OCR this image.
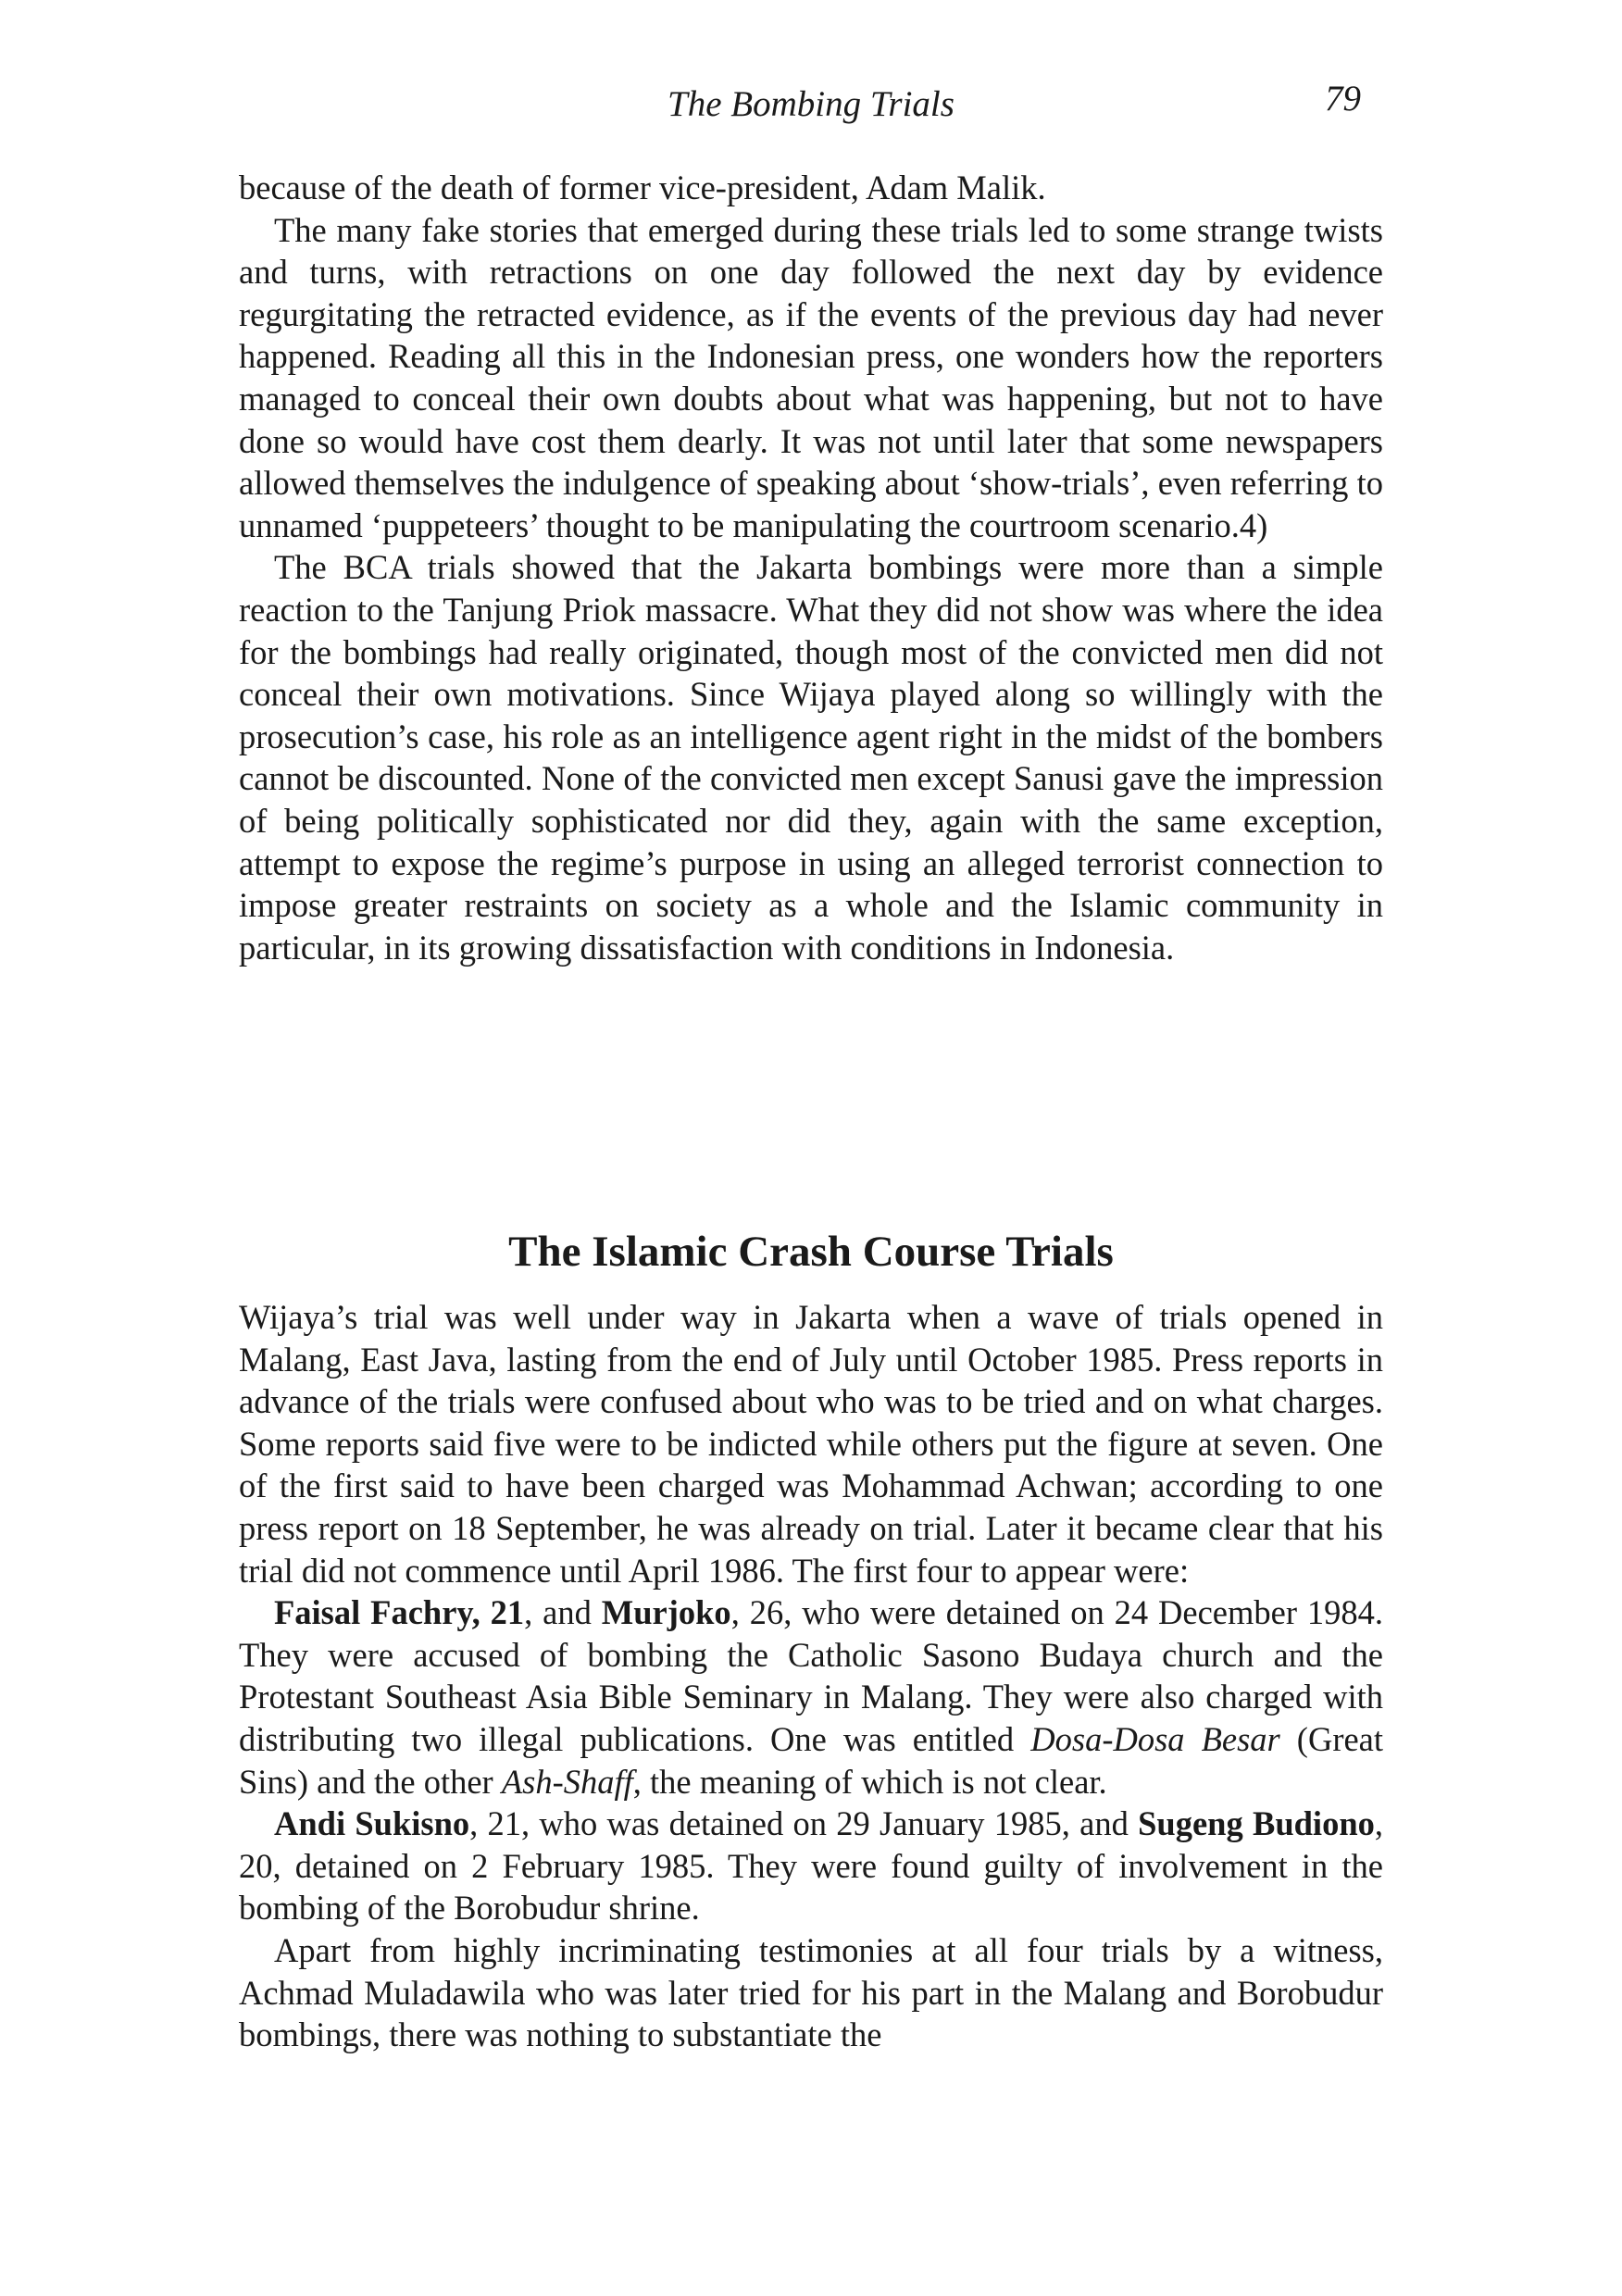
The Bombing Trials	79

because of the death of former vice-president, Adam Malik.

The many fake stories that emerged during these trials led to some strange twists and turns, with retractions on one day followed the next day by evidence regurgitating the retracted evidence, as if the events of the previous day had never happened. Reading all this in the Indonesian press, one wonders how the reporters managed to conceal their own doubts about what was happening, but not to have done so would have cost them dearly. It was not until later that some newspapers allowed themselves the indulgence of speaking about ‘show-trials’, even referring to unnamed ‘puppeteers’ thought to be manipulating the courtroom scenario.4)

The BCA trials showed that the Jakarta bombings were more than a simple reaction to the Tanjung Priok massacre. What they did not show was where the idea for the bombings had really originated, though most of the convicted men did not conceal their own motivations. Since Wijaya played along so willingly with the prosecution’s case, his role as an intelligence agent right in the midst of the bombers cannot be discounted. None of the convicted men except Sanusi gave the impression of being politically sophisticated nor did they, again with the same exception, attempt to expose the regime’s purpose in using an alleged terrorist connection to impose greater restraints on society as a whole and the Islamic community in particular, in its growing dissatisfaction with conditions in Indonesia.

The Islamic Crash Course Trials

Wijaya’s trial was well under way in Jakarta when a wave of trials opened in Malang, East Java, lasting from the end of July until October 1985. Press reports in advance of the trials were confused about who was to be tried and on what charges. Some reports said five were to be indicted while others put the figure at seven. One of the first said to have been charged was Mohammad Achwan; according to one press report on 18 September, he was already on trial. Later it became clear that his trial did not commence until April 1986. The first four to appear were:

Faisal Fachry, 21, and Murjoko, 26, who were detained on 24 December 1984. They were accused of bombing the Catholic Sasono Budaya church and the Protestant Southeast Asia Bible Seminary in Malang. They were also charged with distributing two illegal publications. One was entitled Dosa-Dosa Besar (Great Sins) and the other Ash-Shaff, the meaning of which is not clear.

Andi Sukisno, 21, who was detained on 29 January 1985, and Sugeng Budiono, 20, detained on 2 February 1985. They were found guilty of involvement in the bombing of the Borobudur shrine.

Apart from highly incriminating testimonies at all four trials by a witness, Achmad Muladawila who was later tried for his part in the Malang and Borobudur bombings, there was nothing to substantiate the
